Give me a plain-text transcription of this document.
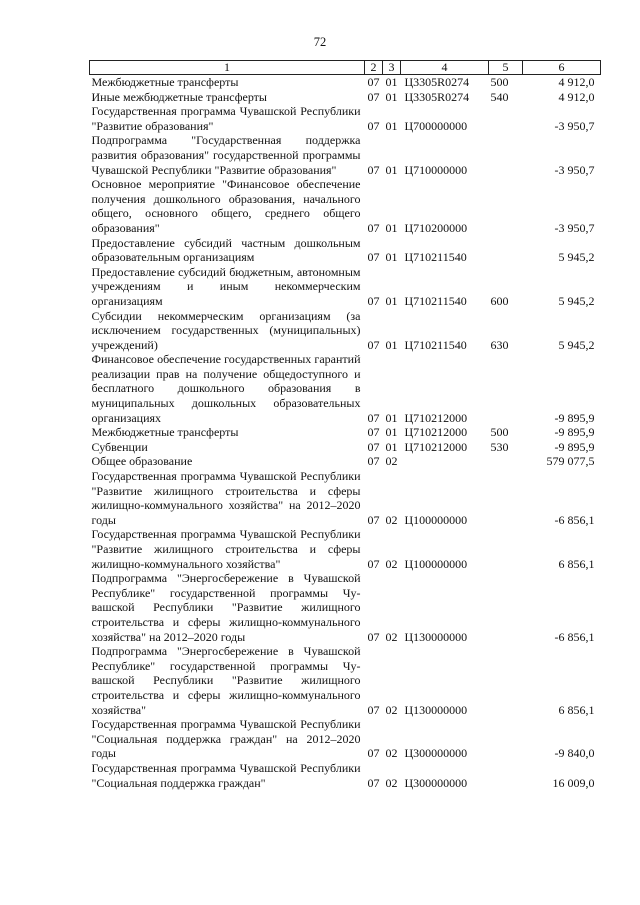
72
1	2	3	4	5	6
Межбюджетные трансферты	07	01	Ц3305R0274	500	4 912,0
Иные межбюджетные трансферты	07	01	Ц3305R0274	540	4 912,0
Государственная программа Чувашской Республики "Развитие образования"	07	01	Ц700000000		-3 950,7
Подпрограмма "Государственная поддержка развития образования" государственной программы Чувашской Республики "Развитие образования"	07	01	Ц710000000		-3 950,7
Основное мероприятие "Финансовое обеспечение получения дошкольного образования, начального общего, основного общего, среднего общего образования"	07	01	Ц710200000		-3 950,7
Предоставление субсидий частным дошкольным образовательным организациям	07	01	Ц710211540		5 945,2
Предоставление субсидий бюджетным, автономным учреждениям и иным некоммерческим организациям	07	01	Ц710211540	600	5 945,2
Субсидии некоммерческим организациям (за исключением государственных (муниципальных) учреждений)	07	01	Ц710211540	630	5 945,2
Финансовое обеспечение государственных гарантий реализации прав на получение общедоступного и бесплатного дошкольного образования в муниципальных дошкольных образовательных организациях	07	01	Ц710212000		-9 895,9
Межбюджетные трансферты	07	01	Ц710212000	500	-9 895,9
Субвенции	07	01	Ц710212000	530	-9 895,9
Общее образование	07	02			579 077,5
Государственная программа Чувашской Республики "Развитие жилищного строительства и сферы жилищно-коммунального хозяйства" на 2012–2020 годы	07	02	Ц100000000		-6 856,1
Государственная программа Чувашской Республики "Развитие жилищного строительства и сферы жилищно-коммунального хозяйства"	07	02	Ц100000000		6 856,1
Подпрограмма "Энергосбережение в Чувашской Республике" государственной программы Чувашской Республики "Развитие жилищного строительства и сферы жилищно-коммунального хозяйства" на 2012–2020 годы	07	02	Ц130000000		-6 856,1
Подпрограмма "Энергосбережение в Чувашской Республике" государственной программы Чувашской Республики "Развитие жилищного строительства и сферы жилищно-коммунального хозяйства"	07	02	Ц130000000		6 856,1
Государственная программа Чувашской Республики "Социальная поддержка граждан" на 2012–2020 годы	07	02	Ц300000000		-9 840,0
Государственная программа Чувашской Республики "Социальная поддержка граждан"	07	02	Ц300000000		16 009,0
